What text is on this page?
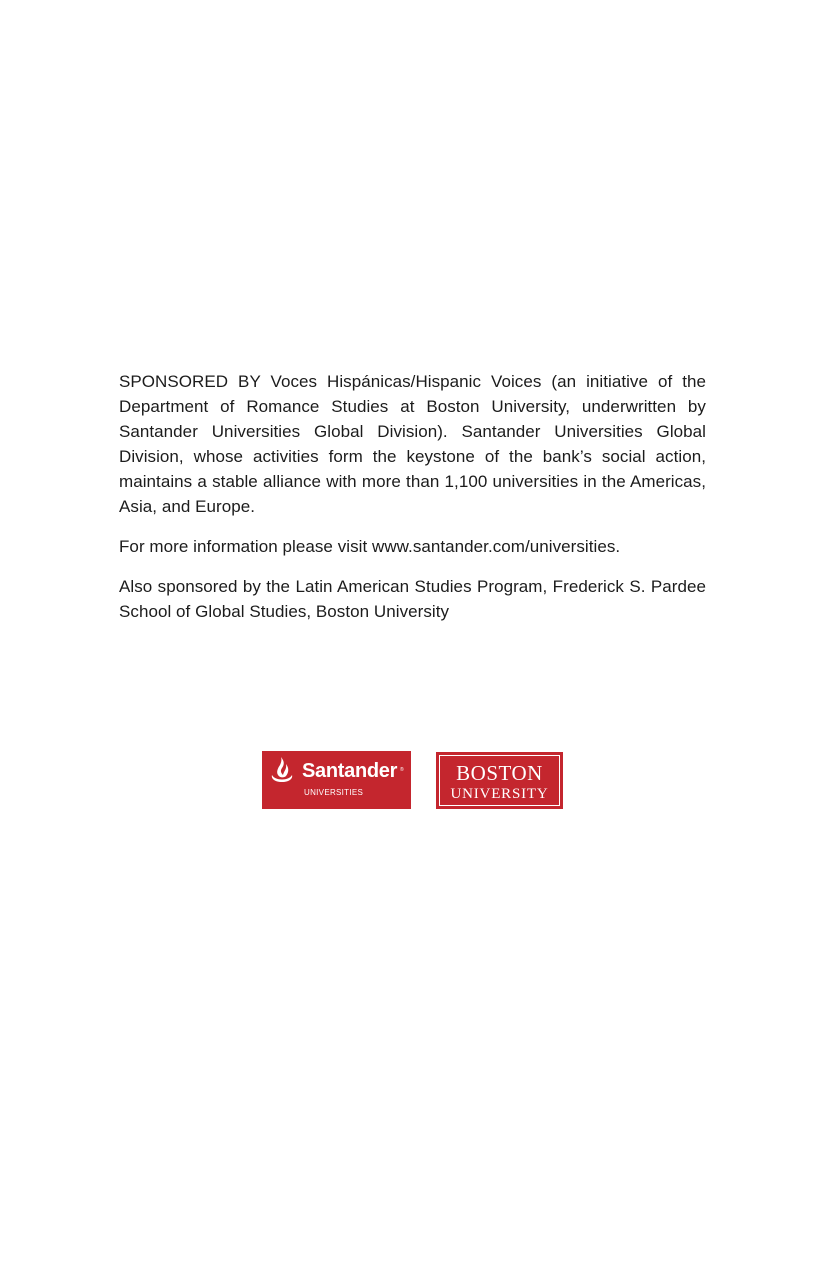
SPONSORED BY Voces Hispánicas/Hispanic Voices (an initiative of the Department of Romance Studies at Boston University, underwritten by Santander Universities Global Division). Santander Universities Global Division, whose activities form the keystone of the bank’s social action, maintains a stable alliance with more than 1,100 universities in the Americas, Asia, and Europe.

For more information please visit www.santander.com/universities.

Also sponsored by the Latin American Studies Program, Frederick S. Pardee School of Global Studies, Boston University

Santander ®
UNIVERSITIES
BOSTON
UNIVERSITY
